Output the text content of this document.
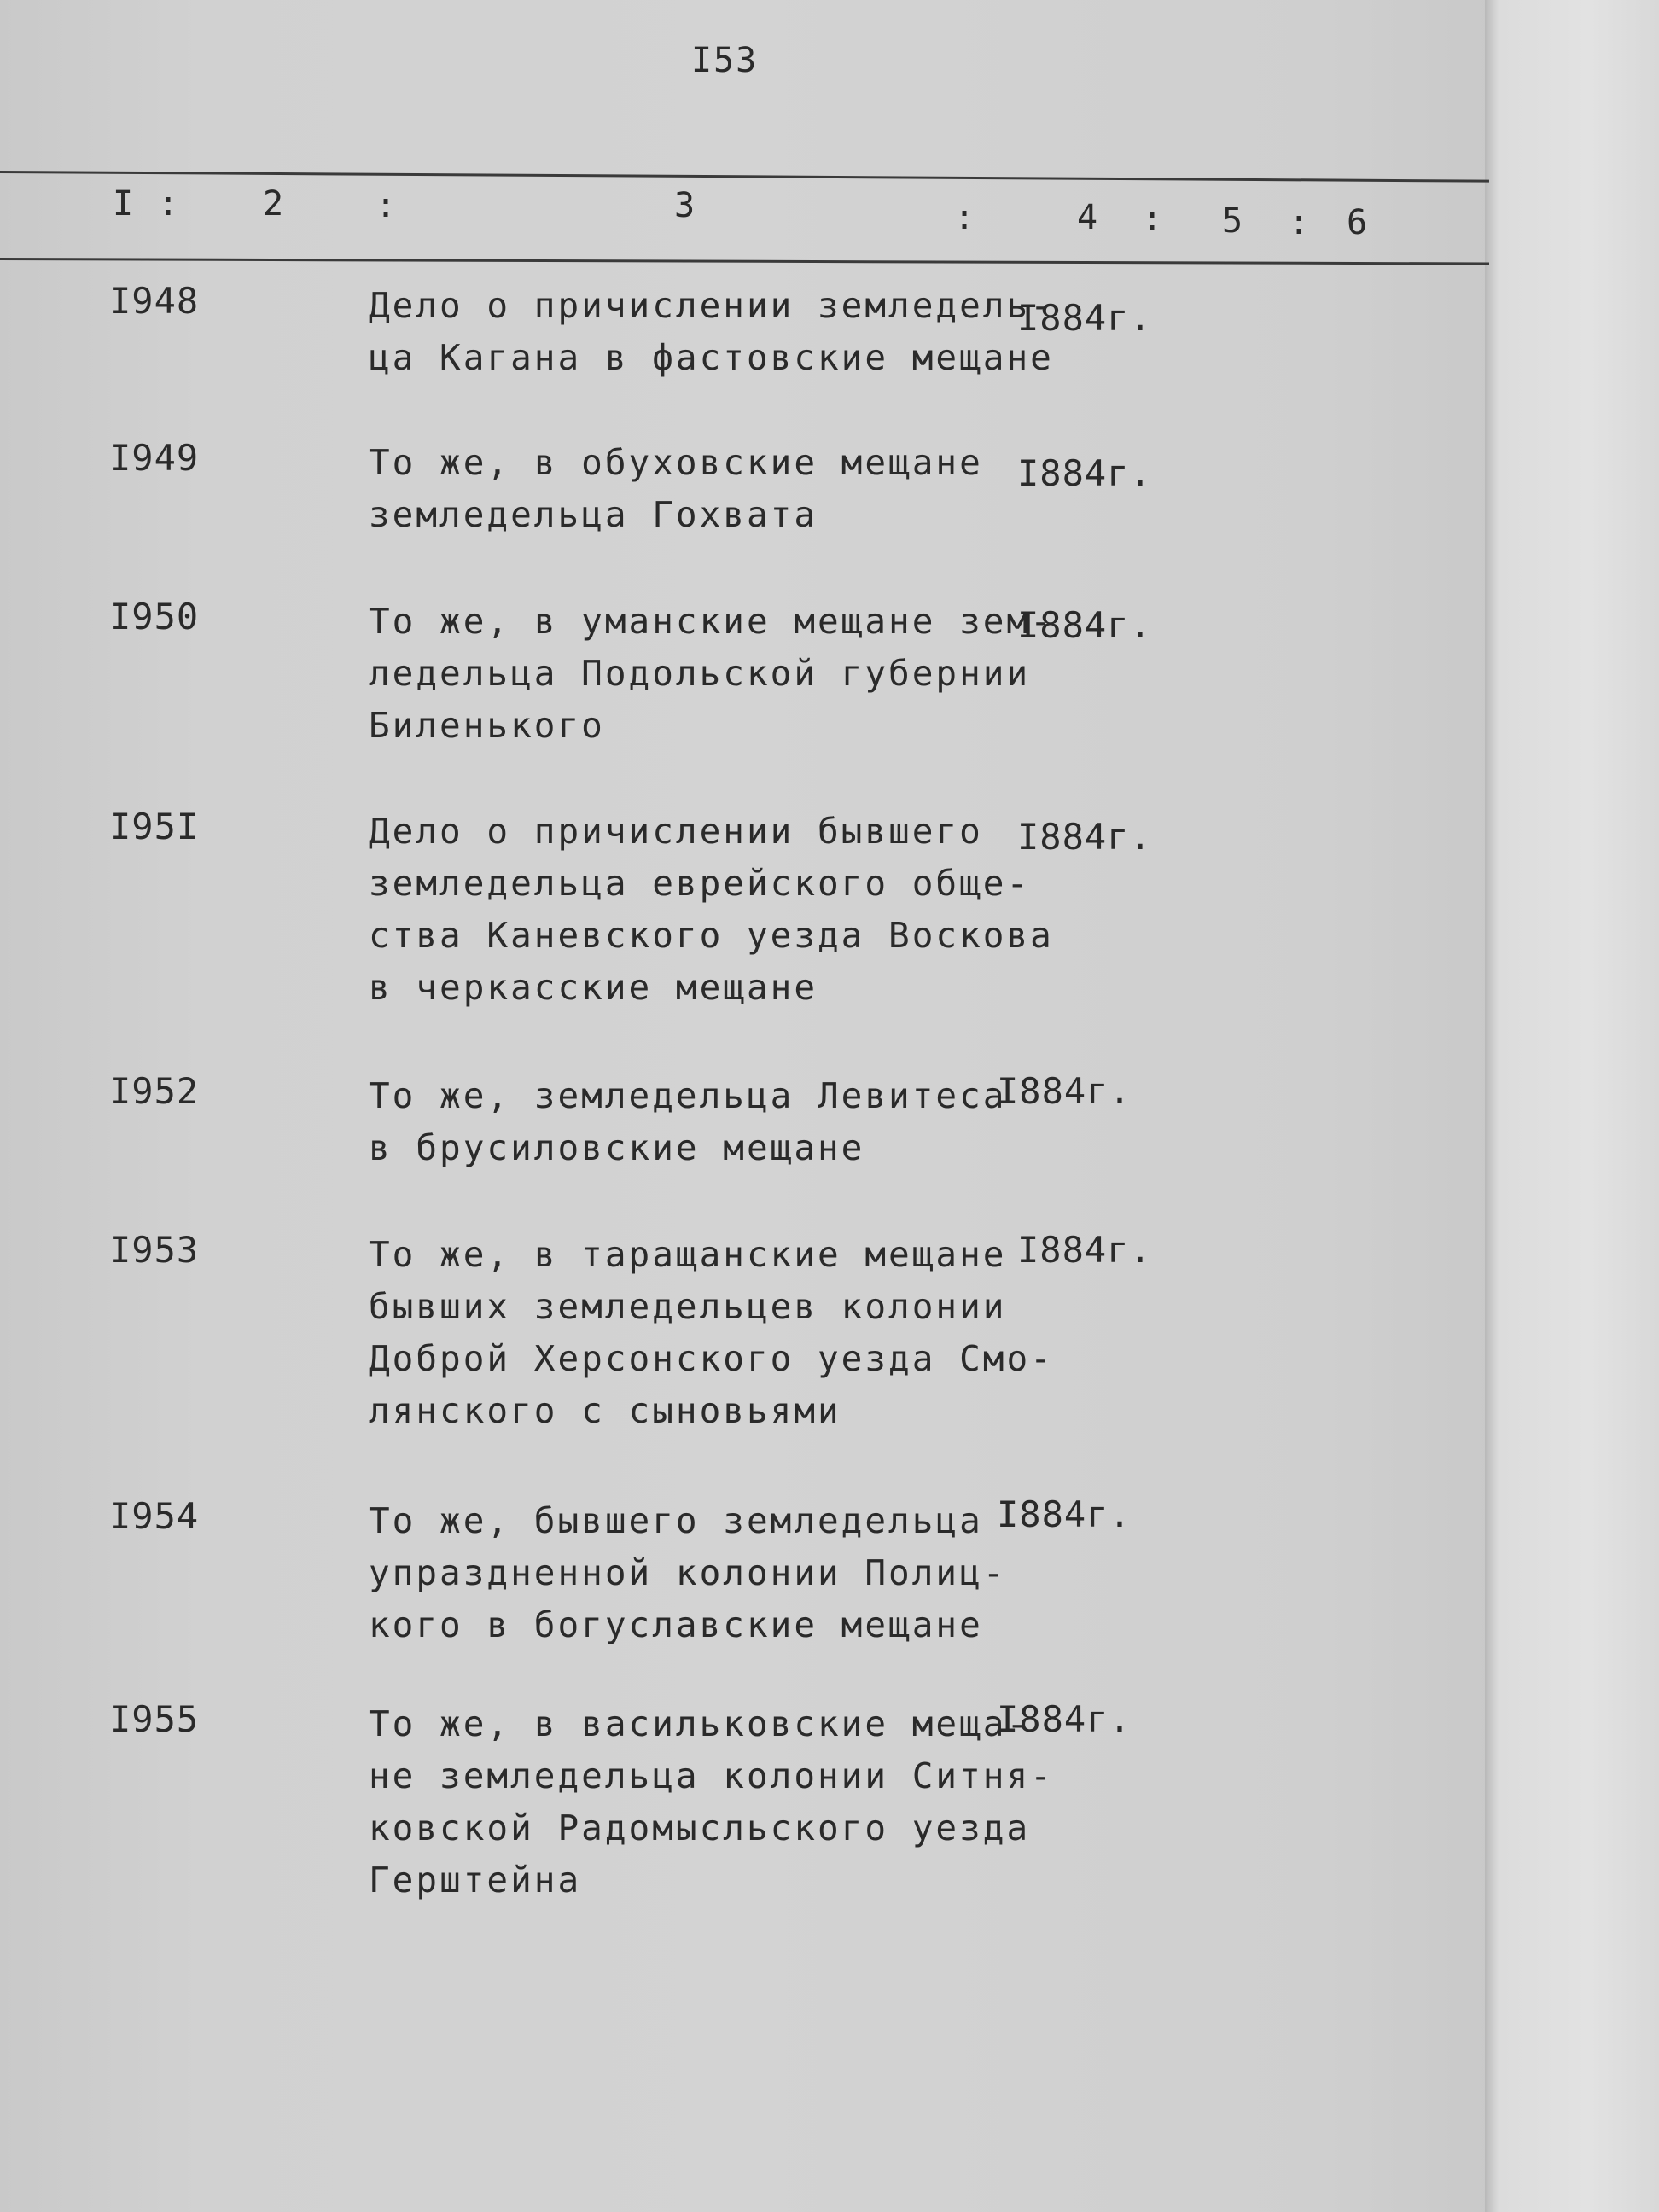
I53
I : 2	:	3	:	4 : 5 : 6
I948	Дело о причислении земледель-
ца Кагана в фастовские мещане
I884г.
I949	То же, в обуховские мещане
земледельца Гохвата
I884г.
I950	То же, в уманские мещане зем-
ледельца Подольской губернии
Биленького
I884г.
I95I	Дело о причислении бывшего
земледельца еврейского обще-
ства Каневского уезда Воскова
в черкасские мещане
I884г.
I952	То же, земледельца Левитеса
в брусиловские мещане
I884г.
I953	То же, в таращанские мещане
бывших земледельцев колонии
Доброй Херсонского уезда Смо-
лянского с сыновьями
I884г.
I954	То же, бывшего земледельца
упраздненной колонии Полиц-
кого в богуславские мещане
I884г.
I955	То же, в васильковские меща-
не земледельца колонии Ситня-
ковской Радомысльского уезда
Герштейна
I884г.
